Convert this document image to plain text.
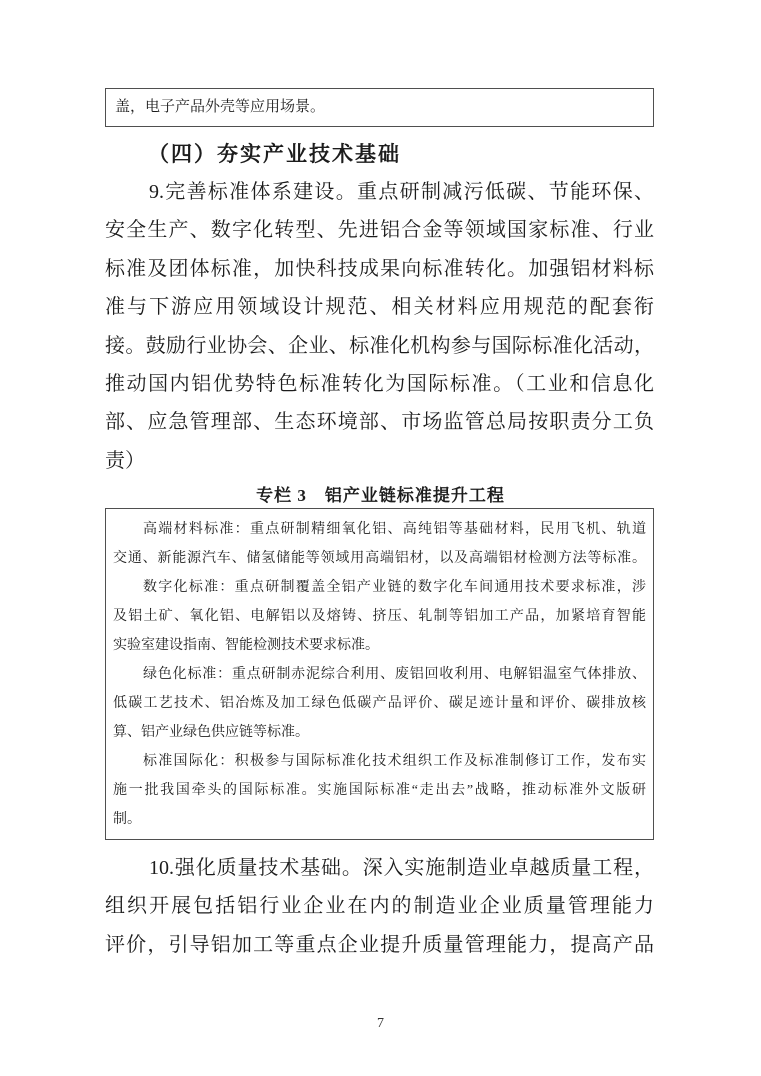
盖，电子产品外壳等应用场景。
（四）夯实产业技术基础
9.完善标准体系建设。重点研制减污低碳、节能环保、
安全生产、数字化转型、先进铝合金等领域国家标准、行业
标准及团体标准，加快科技成果向标准转化。加强铝材料标
准与下游应用领域设计规范、相关材料应用规范的配套衔
接。鼓励行业协会、企业、标准化机构参与国际标准化活动，
推动国内铝优势特色标准转化为国际标准。（工业和信息化
部、应急管理部、生态环境部、市场监管总局按职责分工负
责）
专栏 3　铝产业链标准提升工程
高端材料标准：重点研制精细氧化铝、高纯铝等基础材料，民用飞机、轨道
交通、新能源汽车、储氢储能等领域用高端铝材，以及高端铝材检测方法等标准。
数字化标准：重点研制覆盖全铝产业链的数字化车间通用技术要求标准，涉
及铝土矿、氧化铝、电解铝以及熔铸、挤压、轧制等铝加工产品，加紧培育智能
实验室建设指南、智能检测技术要求标准。
绿色化标准：重点研制赤泥综合利用、废铝回收利用、电解铝温室气体排放、
低碳工艺技术、铝冶炼及加工绿色低碳产品评价、碳足迹计量和评价、碳排放核
算、铝产业绿色供应链等标准。
标准国际化：积极参与国际标准化技术组织工作及标准制修订工作，发布实
施一批我国牵头的国际标准。实施国际标准“走出去”战略，推动标准外文版研
制。
10.强化质量技术基础。深入实施制造业卓越质量工程，
组织开展包括铝行业企业在内的制造业企业质量管理能力
评价，引导铝加工等重点企业提升质量管理能力，提高产品
7
